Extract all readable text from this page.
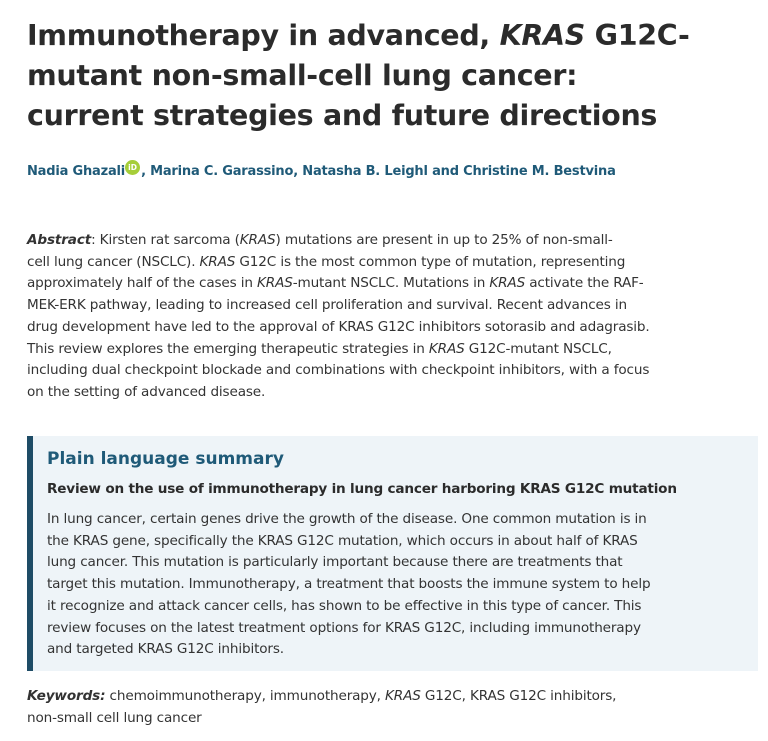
Immunotherapy in advanced, KRAS G12C-
mutant non-small-cell lung cancer:
current strategies and future directions
Nadia Ghazali iD , Marina C. Garassino, Natasha B. Leighl and Christine M. Bestvina
Abstract: Kirsten rat sarcoma (KRAS) mutations are present in up to 25% of non-small-
cell lung cancer (NSCLC). KRAS G12C is the most common type of mutation, representing
approximately half of the cases in KRAS-mutant NSCLC. Mutations in KRAS activate the RAF-
MEK-ERK pathway, leading to increased cell proliferation and survival. Recent advances in
drug development have led to the approval of KRAS G12C inhibitors sotorasib and adagrasib.
This review explores the emerging therapeutic strategies in KRAS G12C-mutant NSCLC,
including dual checkpoint blockade and combinations with checkpoint inhibitors, with a focus
on the setting of advanced disease.
Plain language summary
Review on the use of immunotherapy in lung cancer harboring KRAS G12C mutation
In lung cancer, certain genes drive the growth of the disease. One common mutation is in
the KRAS gene, specifically the KRAS G12C mutation, which occurs in about half of KRAS
lung cancer. This mutation is particularly important because there are treatments that
target this mutation. Immunotherapy, a treatment that boosts the immune system to help
it recognize and attack cancer cells, has shown to be effective in this type of cancer. This
review focuses on the latest treatment options for KRAS G12C, including immunotherapy
and targeted KRAS G12C inhibitors.
Keywords: chemoimmunotherapy, immunotherapy, KRAS G12C, KRAS G12C inhibitors,
non-small cell lung cancer
